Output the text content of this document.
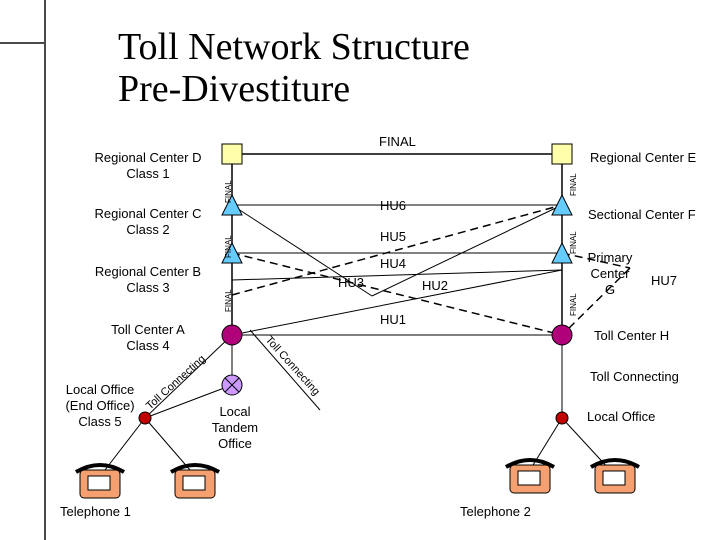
Toll Network Structure
Pre-Divestiture
FINAL
FINAL
FINAL
FINAL
FINAL
FINAL
Toll Connecting	Toll Connecting
FINAL
Regional Center D
Class 1
Regional Center E
Regional Center C
Class 2
Sectional Center F
HU6
HU5
HU4
HU3	HU2
HU1
Regional Center B
Class 3
Primary
Center
G
HU7
Toll Center A
Class 4
Toll Center H
Toll Connecting
Local Office
(End Office)
Class 5
Local
Tandem
Office
Local Office
Telephone 1	Telephone 2
